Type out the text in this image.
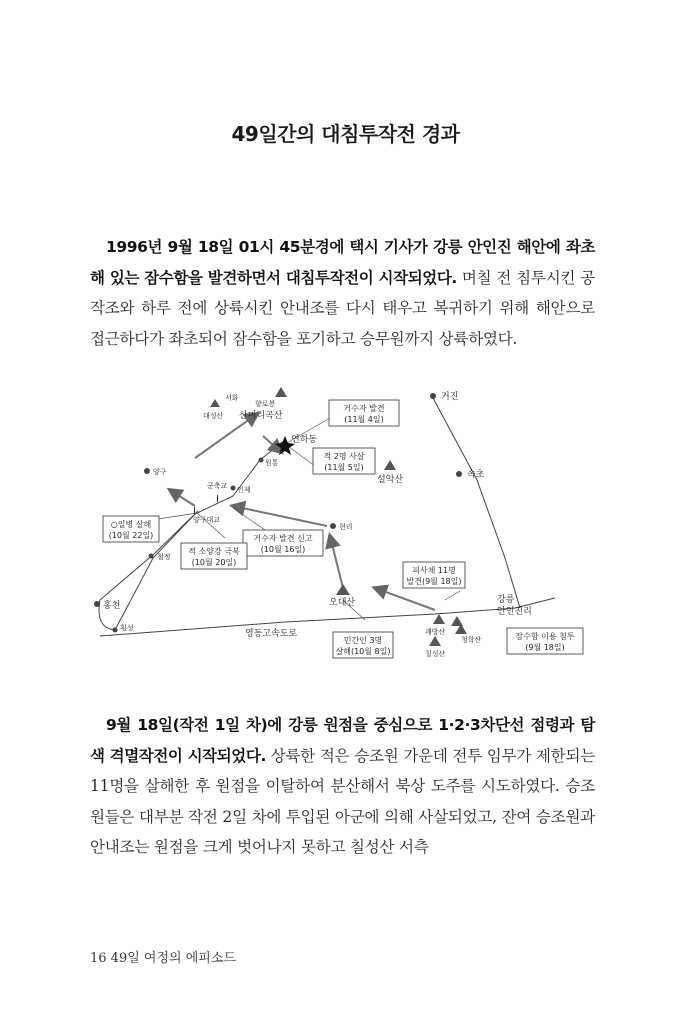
49일간의 대침투작전 경과
1996년 9월 18일 01시 45분경에 택시 기사가 강릉 안인진 해안에 좌초해 있는 잠수함을 발견하면서 대침투작전이 시작되었다. 며칠 전 침투시킨 공작조와 하루 전에 상륙시킨 안내조를 다시 태우고 복귀하기 위해 해안으로 접근하다가 좌초되어 잠수함을 포기하고 승무원까지 상륙하였다.
거진
속초
서화
대성산
향로봉
산머리곡산
연하동
원통
설악산
양구
군축교 인제
I
I
양구대교
현리
철정
홍천
횡성
오대산	강릉
안인진리
괘방산
청학산
칠성산
영동고속도로
거수자 발견
(11월 4일)
적 2명 사살
(11월 5일)
○일병 살해
(10월 22일)	거수자 발견 신고
(10월 16일)
적 소양강 극복
(10월 20일)
피사체 11명
발견(9월 18일)
민간인 3명
살해(10월 8일)
잠수함 이용 침투
(9월 18일)
9월 18일(작전 1일 차)에 강릉 원점을 중심으로 1·2·3차단선 점령과 탐색 격멸작전이 시작되었다. 상륙한 적은 승조원 가운데 전투 임무가 제한되는 11명을 살해한 후 원점을 이탈하여 분산해서 북상 도주를 시도하였다. 승조원들은 대부분 작전 2일 차에 투입된 아군에 의해 사살되었고, 잔여 승조원과 안내조는 원점을 크게 벗어나지 못하고 칠성산 서측
16 49일 여정의 에피소드
